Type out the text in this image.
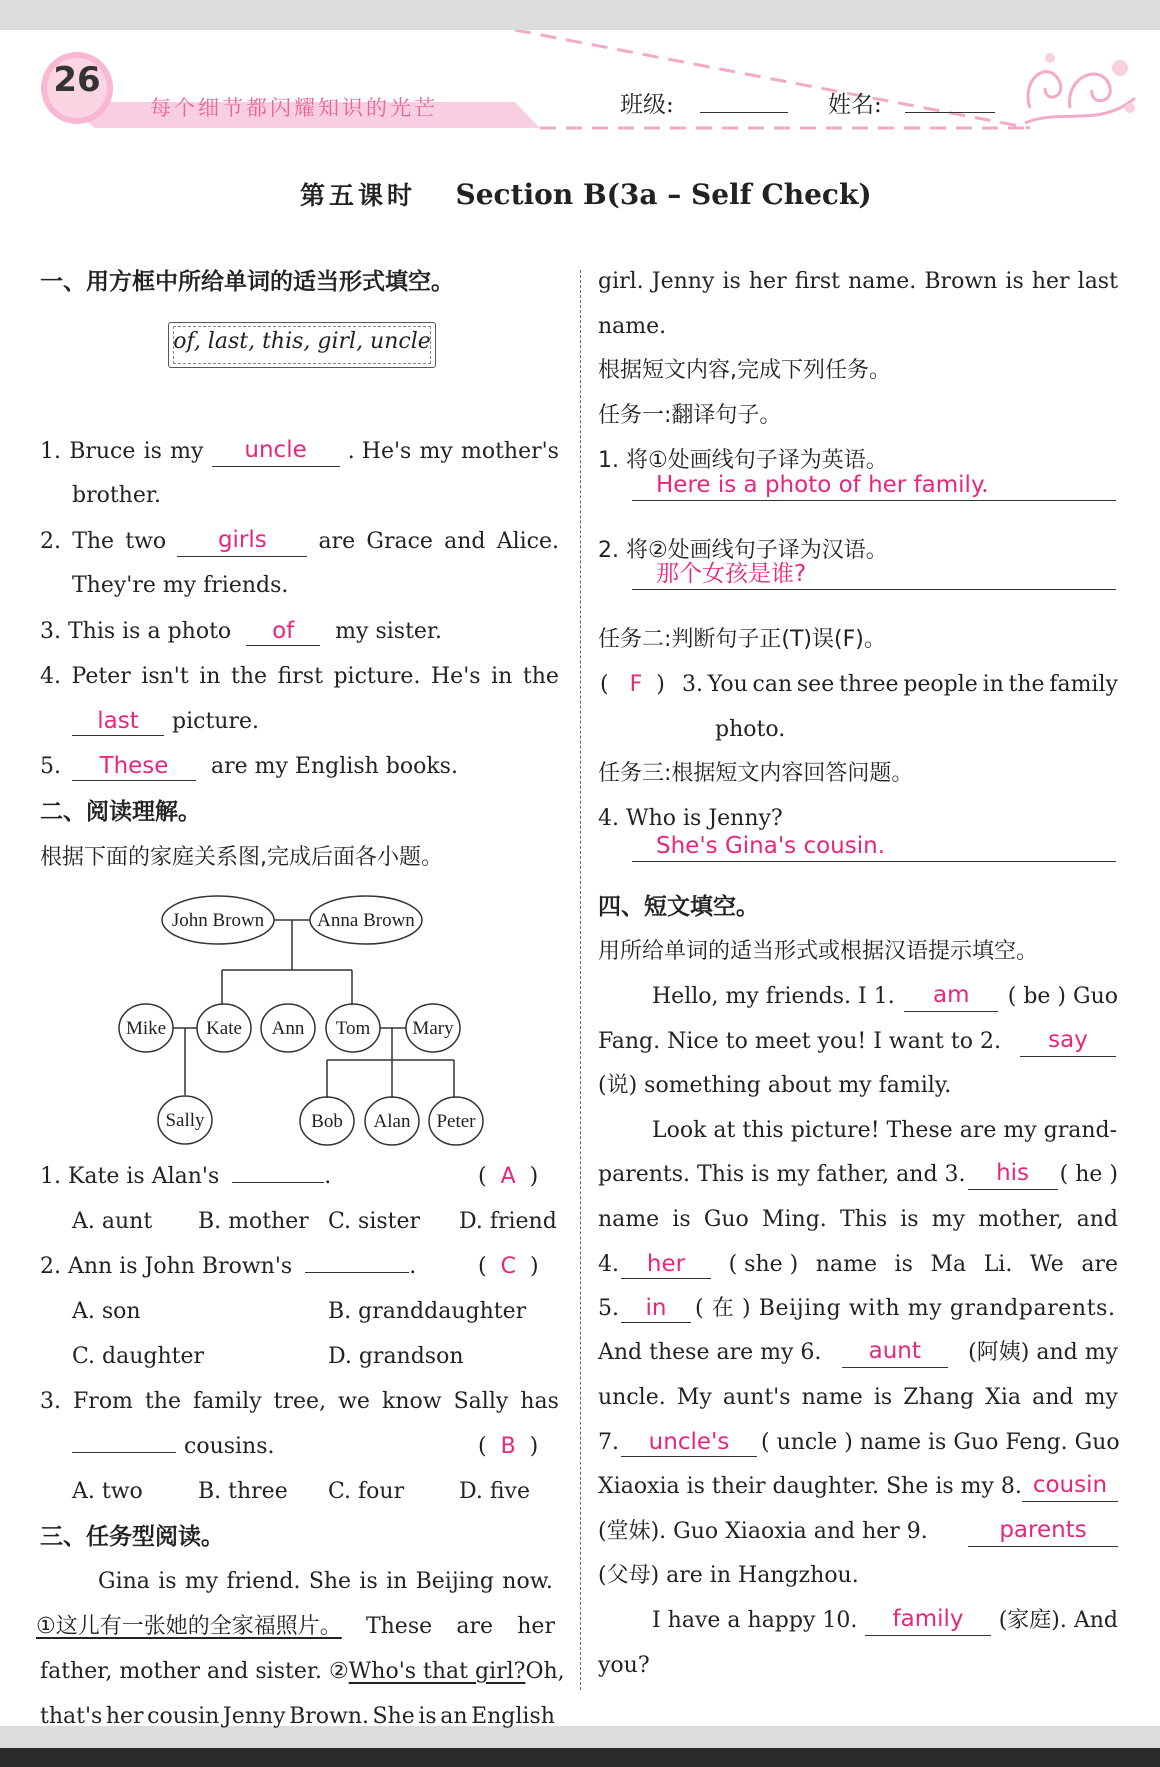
26
每个细节都闪耀知识的光芒	班级:	姓名:
第五课时 Section B(3a – Self Check)
一、用方框中所给单词的适当形式填空。
of, last, this, girl, uncle
1. Bruce is my	uncle	. He's my mother's
brother.
2. The two	girls	are Grace and Alice.
They're my friends.
3. This is a photo of my sister.
4. Peter isn't in the first picture. He's in the
last picture.
5. These are my English books.
二、阅读理解。
根据下面的家庭关系图,完成后面各小题。
John Brown	Anna Brown
Mike Kate Ann Tom Mary
Sally	Bob Alan Peter
1. Kate is Alan's	.	(  A  )
A. aunt B. mother C. sister D. friend
2. Ann is John Brown's	.	(  C  )
A. son	B. granddaughter
C. daughter	D. grandson
3. From the family tree, we know Sally has
cousins.	(  B  )
A. two	B. three C. four D. five
三、任务型阅读。
Gina is my friend. She is in Beijing now.
①这儿有一张她的全家福照片。 These are her
father, mother and sister. ②Who's that girl? Oh,
that's her cousin Jenny Brown. She is an English
girl. Jenny is her first name. Brown is her last
name.
根据短文内容,完成下列任务。
任务一:翻译句子。
1. 将①处画线句子译为英语。
Here is a photo of her family.
2. 将②处画线句子译为汉语。
那个女孩是谁?
任务二:判断句子正(T)误(F)。
(   F  ) 3. You can see three people in the family
photo.
任务三:根据短文内容回答问题。
4. Who is Jenny?
She's Gina's cousin.
四、短文填空。
用所给单词的适当形式或根据汉语提示填空。
Hello, my friends. I 1.	am	( be ) Guo
Fang. Nice to meet you! I want to 2.	say
(说) something about my family.
Look at this picture! These are my grand-
parents. This is my father, and 3.	his	( he )
name is Guo Ming. This is my mother, and
4. her	( she ) name is Ma Li. We are
5. in ( 在 ) Beijing with my grandparents.
And these are my 6.	aunt	(阿姨) and my
uncle. My aunt's name is Zhang Xia and my
7. uncle's ( uncle ) name is Guo Feng. Guo
Xiaoxia is their daughter. She is my 8. cousin
(堂妹). Guo Xiaoxia and her 9.	parents
(父母) are in Hangzhou.
I have a happy 10.	family	(家庭). And
you?
